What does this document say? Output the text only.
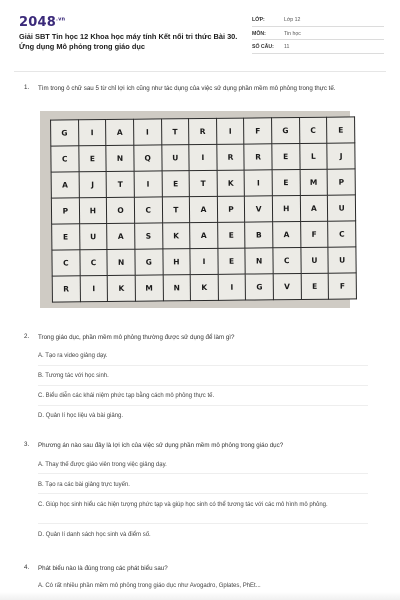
$2048^{.vn}$
Giải SBT Tin học 12 Khoa học máy tính Kết nối tri thức Bài 30. Ứng dụng Mô phỏng trong giáo dục
LỚP:	Lớp 12
MÔN:	Tin học
SỐ CÂU:	11
1. Tìm trong ô chữ sau 5 từ chỉ lợi ích cũng như tác dụng của việc sử dụng phần mềm mô phỏng trong thực tế.
G	I	A	I	T	R	I	F	G	C	E
C	E	N	Q	U	I	R	R	E	L	J
A	J	T	I	E	T	K	I	E	M	P
P	H	O	C	T	A	P	V	H	A	U
E	U	A	S	K	A	E	B	A	F	C
C	C	N	G	H	I	E	N	C	U	U
R	I	K	M	N	K	I	G	V	E	F
2. Trong giáo dục, phần mềm mô phỏng thường được sử dụng để làm gì?
A. Tạo ra video giảng dạy.
B. Tương tác với học sinh.
C. Biểu diễn các khái niệm phức tạp bằng cách mô phỏng thực tế.
D. Quản lí học liệu và bài giảng.
3. Phương án nào sau đây là lợi ích của việc sử dụng phần mềm mô phỏng trong giáo dục?
A. Thay thế được giáo viên trong việc giảng dạy.
B. Tạo ra các bài giảng trực tuyến.
C. Giúp học sinh hiểu các hiện tượng phức tạp và giúp học sinh có thể tương tác với các mô hình mô phỏng.
D. Quản lí danh sách học sinh và điểm số.
4. Phát biểu nào là đúng trong các phát biểu sau?
A. Có rất nhiều phần mềm mô phỏng trong giáo dục như Avogadro, Gplates, PhEt...
